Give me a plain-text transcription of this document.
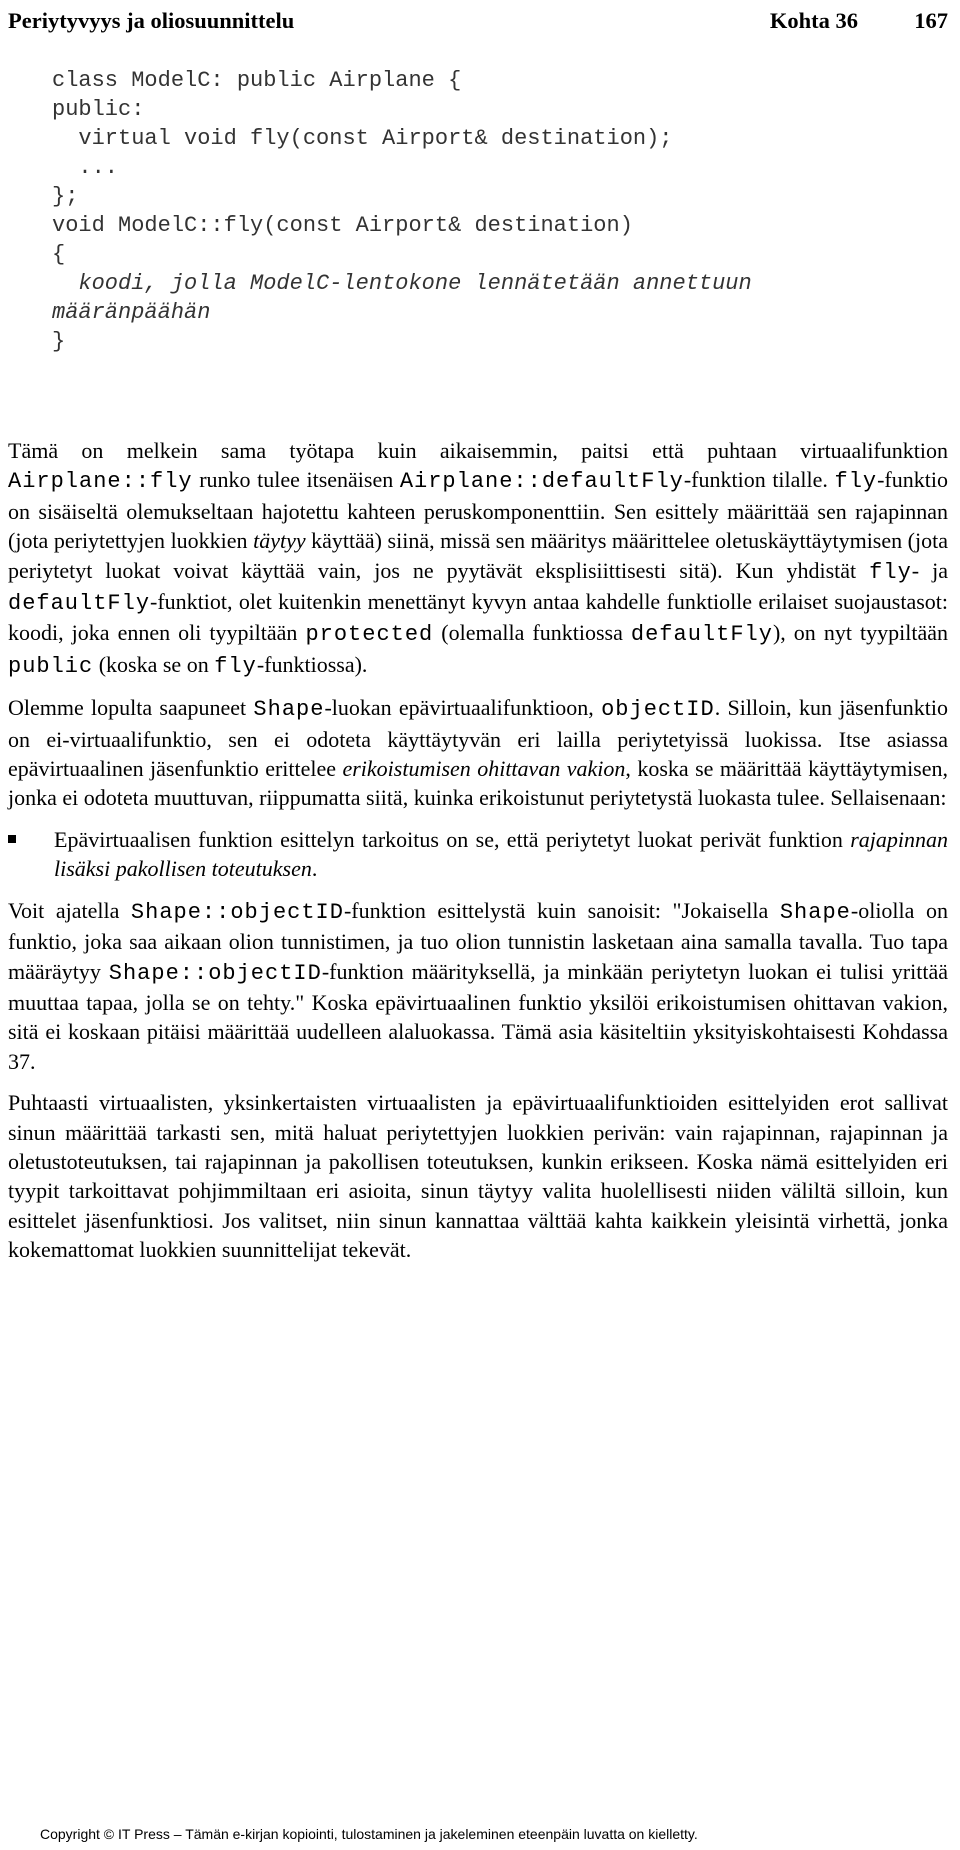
Periytyvyys ja oliosuunnittelu	Kohta 36	167
class ModelC: public Airplane {
public:
virtual void fly(const Airport& destination);
...
};
void ModelC::fly(const Airport& destination)
{
koodi, jolla ModelC-lentokone lennätetään annettuun
määränpäähän
}
Tämä on melkein sama työtapa kuin aikaisemmin, paitsi että puhtaan virtuaalifunktion Airplane::fly runko tulee itsenäisen Airplane::defaultFly-funktion tilalle. fly-funktio on sisäiseltä olemukseltaan hajotettu kahteen peruskomponenttiin. Sen esittely määrittää sen rajapinnan (jota periytettyjen luokkien täytyy käyttää) siinä, missä sen määritys määrittelee oletuskäyttäytymisen (jota periytetyt luokat voivat käyttää vain, jos ne pyytävät eksplisiittisesti sitä). Kun yhdistät fly- ja defaultFly-funktiot, olet kuitenkin menettänyt kyvyn antaa kahdelle funktiolle erilaiset suojaustasot: koodi, joka ennen oli tyypiltään protected (olemalla funktiossa defaultFly), on nyt tyypiltään public (koska se on fly-funktiossa).
Olemme lopulta saapuneet Shape-luokan epävirtuaalifunktioon, objectID. Silloin, kun jäsenfunktio on ei-virtuaalifunktio, sen ei odoteta käyttäytyvän eri lailla periytetyissä luokissa. Itse asiassa epävirtuaalinen jäsenfunktio erittelee erikoistumisen ohittavan vakion, koska se määrittää käyttäytymisen, jonka ei odoteta muuttuvan, riippumatta siitä, kuinka erikoistunut periytetystä luokasta tulee. Sellaisenaan:
Epävirtuaalisen funktion esittelyn tarkoitus on se, että periytetyt luokat perivät funktion rajapinnan lisäksi pakollisen toteutuksen.
Voit ajatella Shape::objectID-funktion esittelystä kuin sanoisit: "Jokaisella Shape-oliolla on funktio, joka saa aikaan olion tunnistimen, ja tuo olion tunnistin lasketaan aina samalla tavalla. Tuo tapa määräytyy Shape::objectID-funktion määrityksellä, ja minkään periytetyn luokan ei tulisi yrittää muuttaa tapaa, jolla se on tehty." Koska epävirtuaalinen funktio yksilöi erikoistumisen ohittavan vakion, sitä ei koskaan pitäisi määrittää uudelleen alaluokassa. Tämä asia käsiteltiin yksityiskohtaisesti Kohdassa 37.
Puhtaasti virtuaalisten, yksinkertaisten virtuaalisten ja epävirtuaalifunktioiden esittelyiden erot sallivat sinun määrittää tarkasti sen, mitä haluat periytettyjen luokkien perivän: vain rajapinnan, rajapinnan ja oletustoteutuksen, tai rajapinnan ja pakollisen toteutuksen, kunkin erikseen. Koska nämä esittelyiden eri tyypit tarkoittavat pohjimmiltaan eri asioita, sinun täytyy valita huolellisesti niiden väliltä silloin, kun esittelet jäsenfunktiosi. Jos valitset, niin sinun kannattaa välttää kahta kaikkein yleisintä virhettä, jonka kokemattomat luokkien suunnittelijat tekevät.
Copyright © IT Press – Tämän e-kirjan kopiointi, tulostaminen ja jakeleminen eteenpäin luvatta on kielletty.
